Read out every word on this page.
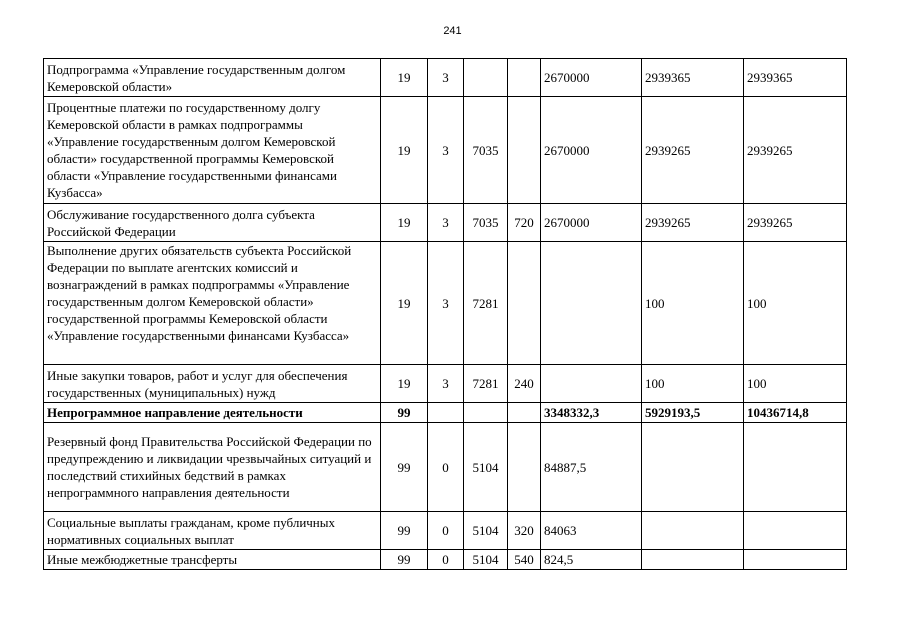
241
Подпрограмма «Управление государственным долгом Кемеровской области»	19	3			2670000	2939365	2939365
Процентные платежи по государственному долгу Кемеровской области в рамках подпрограммы «Управление государственным долгом Кемеровской области» государственной программы Кемеровской области «Управление государственными финансами Кузбасса»	19	3	7035		2670000	2939265	2939265
Обслуживание государственного долга субъекта Российской Федерации	19	3	7035	720	2670000	2939265	2939265
Выполнение других обязательств субъекта Российской Федерации по выплате агентских комиссий и вознаграждений в рамках подпрограммы «Управление государственным долгом Кемеровской области» государственной программы Кемеровской области «Управление государственными финансами Кузбасса»	19	3	7281			100	100
Иные закупки товаров, работ и услуг для обеспечения государственных (муниципальных) нужд	19	3	7281	240		100	100
Непрограммное направление деятельности	99				3348332,3	5929193,5	10436714,8
Резервный фонд Правительства Российской Федерации по предупреждению и ликвидации чрезвычайных ситуаций и последствий стихийных бедствий в рамках непрограммного направления деятельности	99	0	5104		84887,5		
Социальные выплаты гражданам, кроме публичных нормативных социальных выплат	99	0	5104	320	84063		
Иные межбюджетные трансферты	99	0	5104	540	824,5		
